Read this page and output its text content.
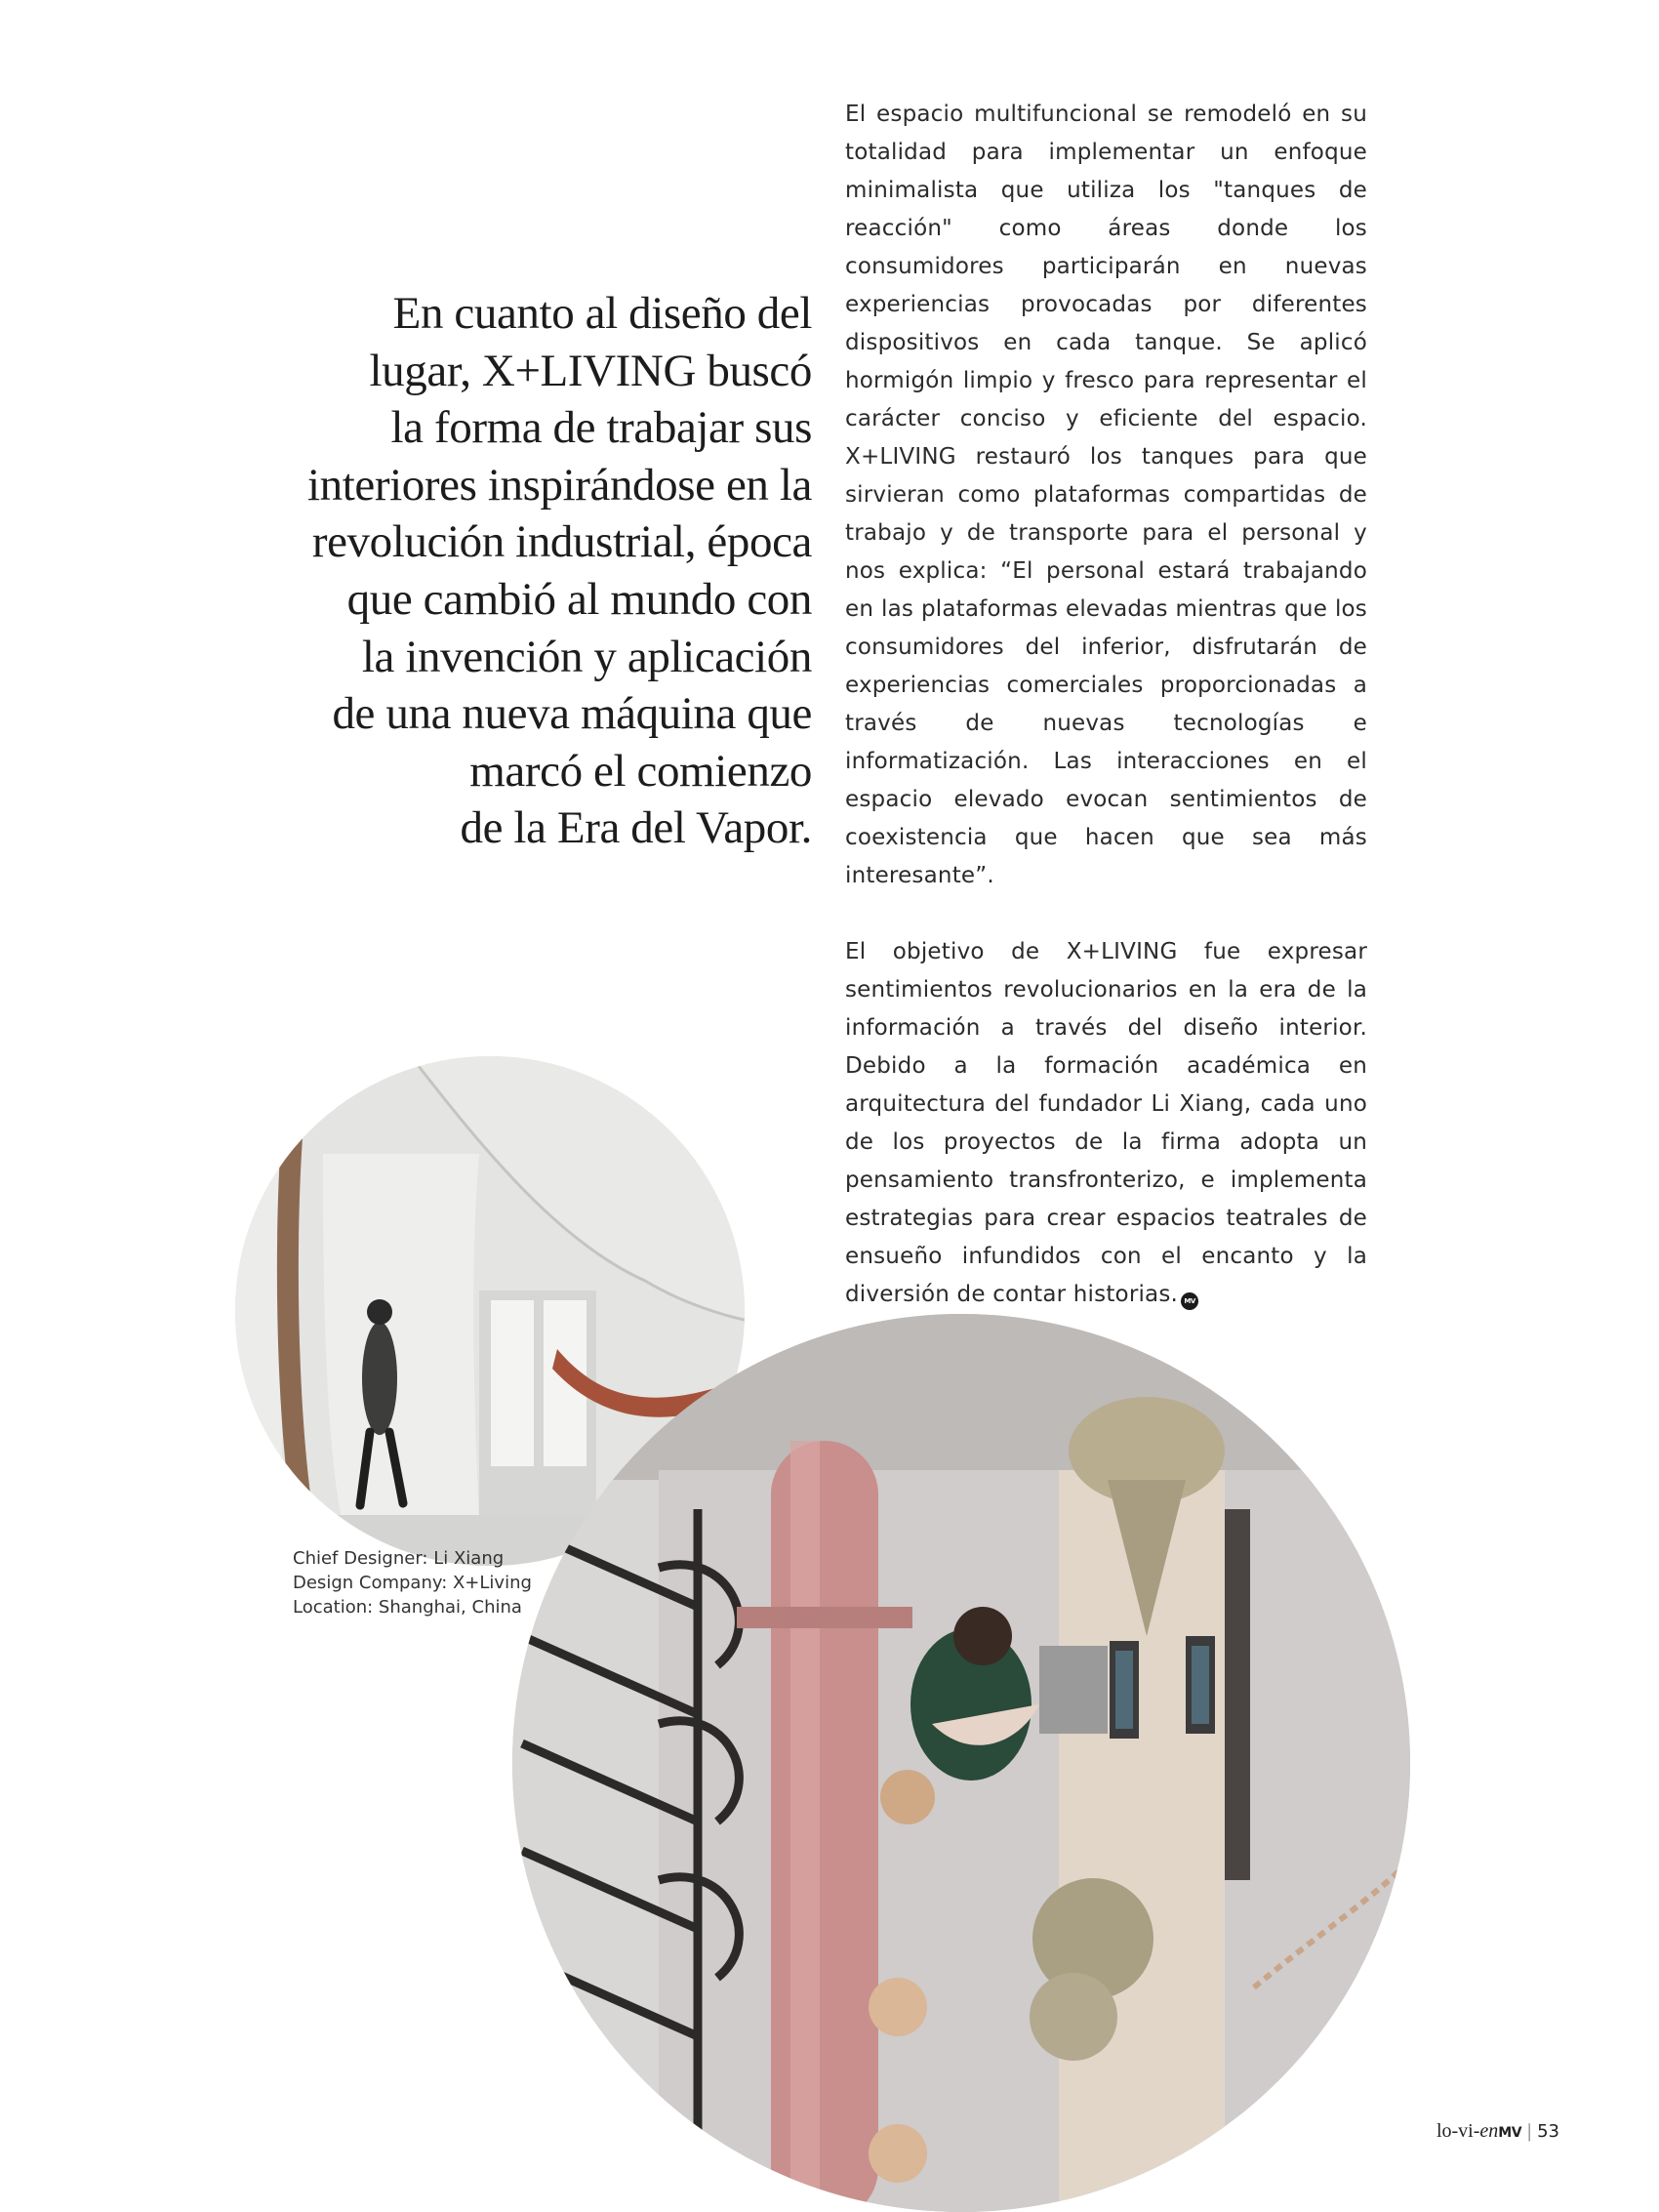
En cuanto al diseño del
lugar, X+LIVING buscó
la forma de trabajar sus
interiores inspirándose en la
revolución industrial, época
que cambió al mundo con
la invención y aplicación
de una nueva máquina que
marcó el comienzo
de la Era del Vapor.

El espacio multifuncional se remodeló en su totalidad para implementar un enfoque minimalista que utiliza los "tanques de reacción" como áreas donde los consumidores participarán en nuevas experiencias provocadas por diferentes dispositivos en cada tanque. Se aplicó hormigón limpio y fresco para representar el carácter conciso y eficiente del espacio. X+LIVING restauró los tanques para que sirvieran como plataformas compartidas de trabajo y de transporte para el personal y nos explica: “El personal estará trabajando en las plataformas elevadas mientras que los consumidores del inferior, disfrutarán de experiencias comerciales proporcionadas a través de nuevas tecnologías e informatización. Las interacciones en el espacio elevado evocan sentimientos de coexistencia que hacen que sea más interesante”.

El objetivo de X+LIVING fue expresar sentimientos revolucionarios en la era de la información a través del diseño interior. Debido a la formación académica en arquitectura del fundador Li Xiang, cada uno de los proyectos de la firma adopta un pensamiento transfronterizo, e implementa estrategias para crear espacios teatrales de ensueño infundidos con el encanto y la diversión de contar historias. MV

Chief Designer: Li Xiang
Design Company: X+Living
Location: Shanghai, China
lo-vi-enMV | 53
